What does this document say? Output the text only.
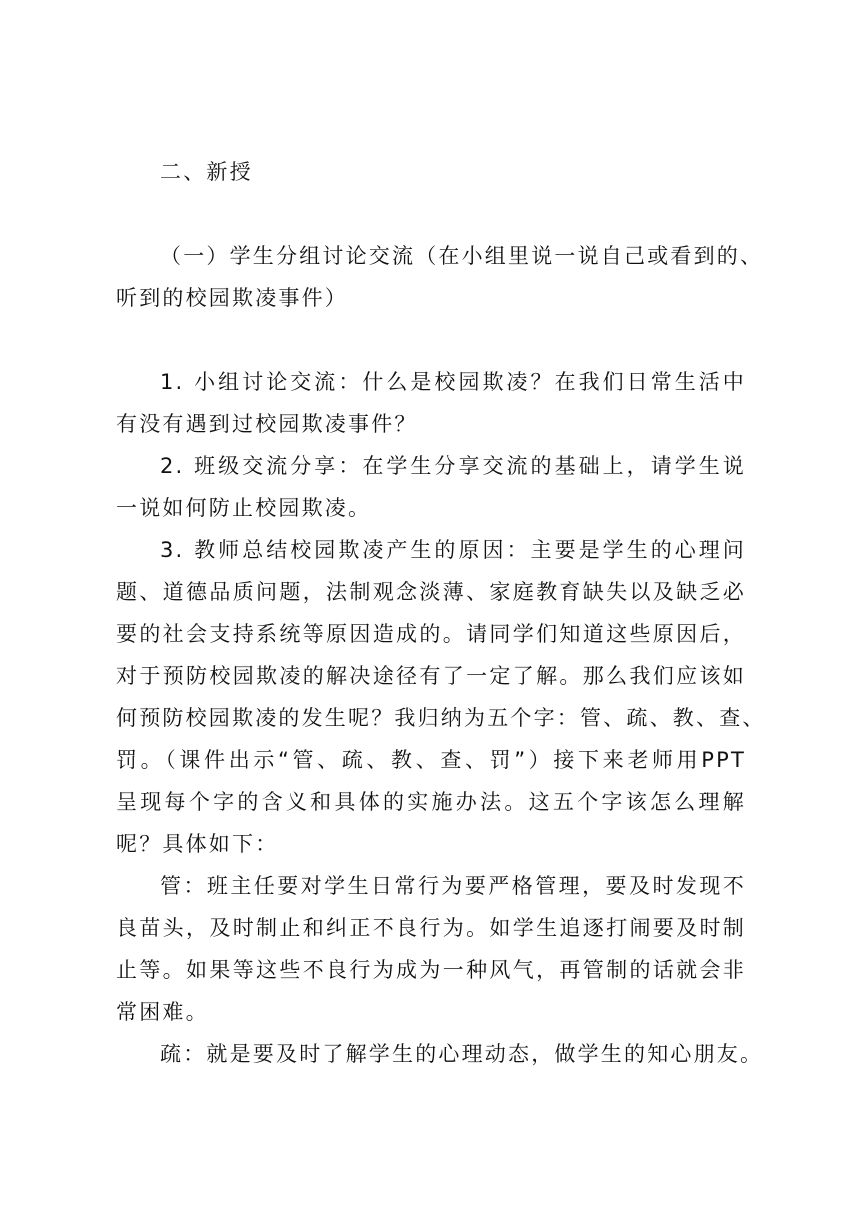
二、新授
（一）学生分组讨论交流（在小组里说一说自己或看到的、
听到的校园欺凌事件）
1. 小组讨论交流：什么是校园欺凌？在我们日常生活中
有没有遇到过校园欺凌事件？
2. 班级交流分享：在学生分享交流的基础上，请学生说
一说如何防止校园欺凌。
3. 教师总结校园欺凌产生的原因：主要是学生的心理问
题、道德品质问题，法制观念淡薄、家庭教育缺失以及缺乏必
要的社会支持系统等原因造成的。请同学们知道这些原因后，
对于预防校园欺凌的解决途径有了一定了解。那么我们应该如
何预防校园欺凌的发生呢？我归纳为五个字：管、疏、教、查、
罚。（课件出示“管、疏、教、查、罚”）接下来老师用PPT
呈现每个字的含义和具体的实施办法。这五个字该怎么理解
呢？具体如下：
管：班主任要对学生日常行为要严格管理，要及时发现不
良苗头，及时制止和纠正不良行为。如学生追逐打闹要及时制
止等。如果等这些不良行为成为一种风气，再管制的话就会非
常困难。
疏：就是要及时了解学生的心理动态，做学生的知心朋友。
